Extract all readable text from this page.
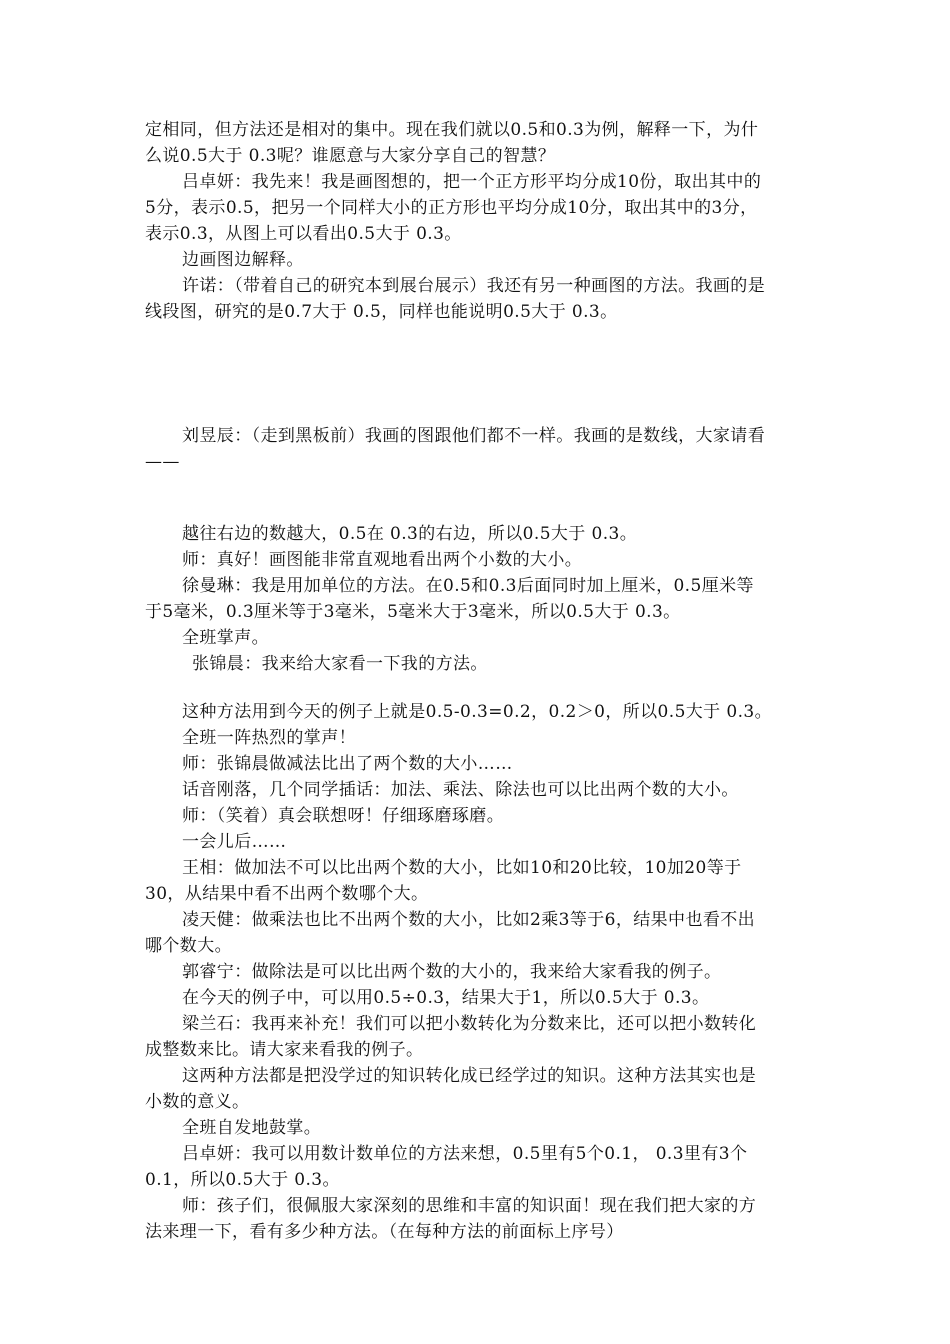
定相同，但方法还是相对的集中。现在我们就以0.5和0.3为例，解释一下，为什
么说0.5大于 0.3呢？谁愿意与大家分享自己的智慧？
吕卓妍：我先来！我是画图想的，把一个正方形平均分成10份，取出其中的
5分，表示0.5，把另一个同样大小的正方形也平均分成10分，取出其中的3分，
表示0.3，从图上可以看出0.5大于 0.3。
边画图边解释。
许诺：（带着自己的研究本到展台展示）我还有另一种画图的方法。我画的是
线段图，研究的是0.7大于 0.5，同样也能说明0.5大于 0.3。
刘昱辰：（走到黑板前）我画的图跟他们都不一样。我画的是数线，大家请看
——
越往右边的数越大，0.5在 0.3的右边，所以0.5大于 0.3。
师：真好！画图能非常直观地看出两个小数的大小。
徐曼琳：我是用加单位的方法。在0.5和0.3后面同时加上厘米，0.5厘米等
于5毫米，0.3厘米等于3毫米，5毫米大于3毫米，所以0.5大于 0.3。
全班掌声。
张锦晨：我来给大家看一下我的方法。
这种方法用到今天的例子上就是0.5-0.3=0.2，0.2＞0，所以0.5大于 0.3。
全班一阵热烈的掌声！
师：张锦晨做减法比出了两个数的大小……
话音刚落，几个同学插话：加法、乘法、除法也可以比出两个数的大小。
师：（笑着）真会联想呀！仔细琢磨琢磨。
一会儿后……
王相：做加法不可以比出两个数的大小，比如10和20比较，10加20等于
30，从结果中看不出两个数哪个大。
凌天健：做乘法也比不出两个数的大小，比如2乘3等于6，结果中也看不出
哪个数大。
郭睿宁：做除法是可以比出两个数的大小的，我来给大家看我的例子。
在今天的例子中，可以用0.5÷0.3，结果大于1，所以0.5大于 0.3。
梁兰石：我再来补充！我们可以把小数转化为分数来比，还可以把小数转化
成整数来比。请大家来看我的例子。
这两种方法都是把没学过的知识转化成已经学过的知识。这种方法其实也是
小数的意义。
全班自发地鼓掌。
吕卓妍：我可以用数计数单位的方法来想，0.5里有5个0.1， 0.3里有3个
0.1，所以0.5大于 0.3。
师：孩子们，很佩服大家深刻的思维和丰富的知识面！现在我们把大家的方
法来理一下，看有多少种方法。（在每种方法的前面标上序号）
